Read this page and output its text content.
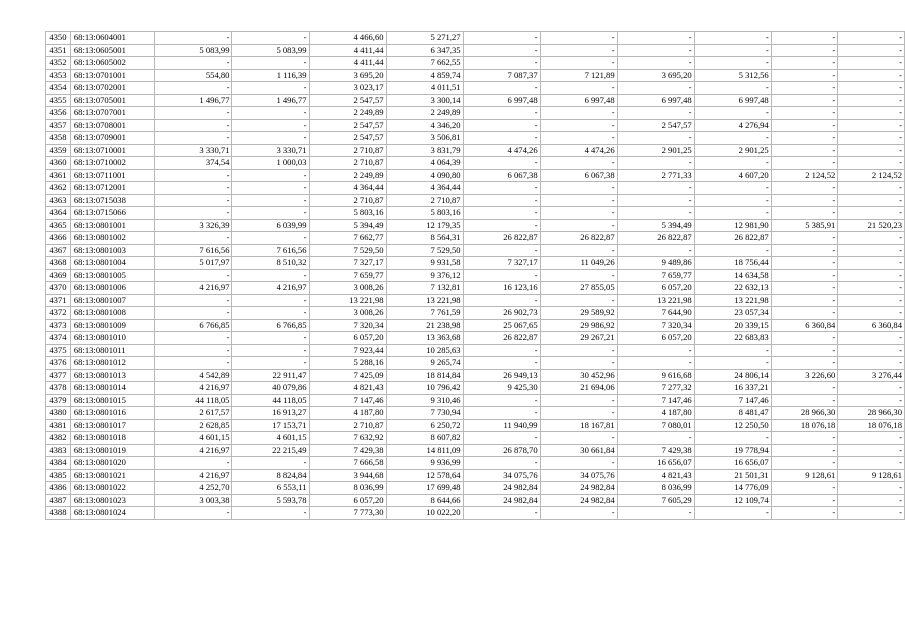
4350	68:13:0604001	-	-	4 466,60	5 271,27	-	-	-	-	-	-
4351	68:13:0605001	5 083,99	5 083,99	4 411,44	6 347,35	-	-	-	-	-	-
4352	68:13:0605002	-	-	4 411,44	7 662,55	-	-	-	-	-	-
4353	68:13:0701001	554,80	1 116,39	3 695,20	4 859,74	7 087,37	7 121,89	3 695,20	5 312,56	-	-
4354	68:13:0702001	-	-	3 023,17	4 011,51	-	-	-	-	-	-
4355	68:13:0705001	1 496,77	1 496,77	2 547,57	3 300,14	6 997,48	6 997,48	6 997,48	6 997,48	-	-
4356	68:13:0707001	-	-	2 249,89	2 249,89	-	-	-	-	-	-
4357	68:13:0708001	-	-	2 547,57	4 346,20	-	-	2 547,57	4 276,94	-	-
4358	68:13:0709001	-	-	2 547,57	3 506,81	-	-	-	-	-	-
4359	68:13:0710001	3 330,71	3 330,71	2 710,87	3 831,79	4 474,26	4 474,26	2 901,25	2 901,25	-	-
4360	68:13:0710002	374,54	1 000,03	2 710,87	4 064,39	-	-	-	-	-	-
4361	68:13:0711001	-	-	2 249,89	4 090,80	6 067,38	6 067,38	2 771,33	4 607,20	2 124,52	2 124,52
4362	68:13:0712001	-	-	4 364,44	4 364,44	-	-	-	-	-	-
4363	68:13:0715038	-	-	2 710,87	2 710,87	-	-	-	-	-	-
4364	68:13:0715066	-	-	5 803,16	5 803,16	-	-	-	-	-	-
4365	68:13:0801001	3 326,39	6 039,99	5 394,49	12 179,35	-	-	5 394,49	12 981,90	5 385,91	21 520,23
4366	68:13:0801002	-	-	7 662,77	8 564,31	26 822,87	26 822,87	26 822,87	26 822,87	-	-
4367	68:13:0801003	7 616,56	7 616,56	7 529,50	7 529,50	-	-	-	-	-	-
4368	68:13:0801004	5 017,97	8 510,32	7 327,17	9 931,58	7 327,17	11 049,26	9 489,86	18 756,44	-	-
4369	68:13:0801005	-	-	7 659,77	9 376,12	-	-	7 659,77	14 634,58	-	-
4370	68:13:0801006	4 216,97	4 216,97	3 008,26	7 132,81	16 123,16	27 855,05	6 057,20	22 632,13	-	-
4371	68:13:0801007	-	-	13 221,98	13 221,98	-	-	13 221,98	13 221,98	-	-
4372	68:13:0801008	-	-	3 008,26	7 761,59	26 902,73	29 589,92	7 644,90	23 057,34	-	-
4373	68:13:0801009	6 766,85	6 766,85	7 320,34	21 238,98	25 067,65	29 986,92	7 320,34	20 339,15	6 360,84	6 360,84
4374	68:13:0801010	-	-	6 057,20	13 363,68	26 822,87	29 267,21	6 057,20	22 683,83	-	-
4375	68:13:0801011	-	-	7 923,44	10 285,63	-	-	-	-	-	-
4376	68:13:0801012	-	-	5 288,16	9 265,74	-	-	-	-	-	-
4377	68:13:0801013	4 542,89	22 911,47	7 425,09	18 814,84	26 949,13	30 452,96	9 616,68	24 806,14	3 226,60	3 276,44
4378	68:13:0801014	4 216,97	40 079,86	4 821,43	10 796,42	9 425,30	21 694,06	7 277,32	16 337,21	-	-
4379	68:13:0801015	44 118,05	44 118,05	7 147,46	9 310,46	-	-	7 147,46	7 147,46	-	-
4380	68:13:0801016	2 617,57	16 913,27	4 187,80	7 730,94	-	-	4 187,80	8 481,47	28 966,30	28 966,30
4381	68:13:0801017	2 628,85	17 153,71	2 710,87	6 250,72	11 940,99	18 167,81	7 080,01	12 250,50	18 076,18	18 076,18
4382	68:13:0801018	4 601,15	4 601,15	7 632,92	8 607,82	-	-	-	-	-	-
4383	68:13:0801019	4 216,97	22 215,49	7 429,38	14 811,09	26 878,70	30 661,84	7 429,38	19 778,94	-	-
4384	68:13:0801020	-	-	7 666,58	9 936,99	-	-	16 656,07	16 656,07	-	-
4385	68:13:0801021	4 216,97	8 824,84	3 944,68	12 578,64	34 075,76	34 075,76	4 821,43	21 501,31	9 128,61	9 128,61
4386	68:13:0801022	4 252,70	6 553,11	8 036,99	17 699,48	24 982,84	24 982,84	8 036,99	14 776,09	-	-
4387	68:13:0801023	3 003,38	5 593,78	6 057,20	8 644,66	24 982,84	24 982,84	7 605,29	12 109,74	-	-
4388	68:13:0801024	-	-	7 773,30	10 022,20	-	-	-	-	-	-
